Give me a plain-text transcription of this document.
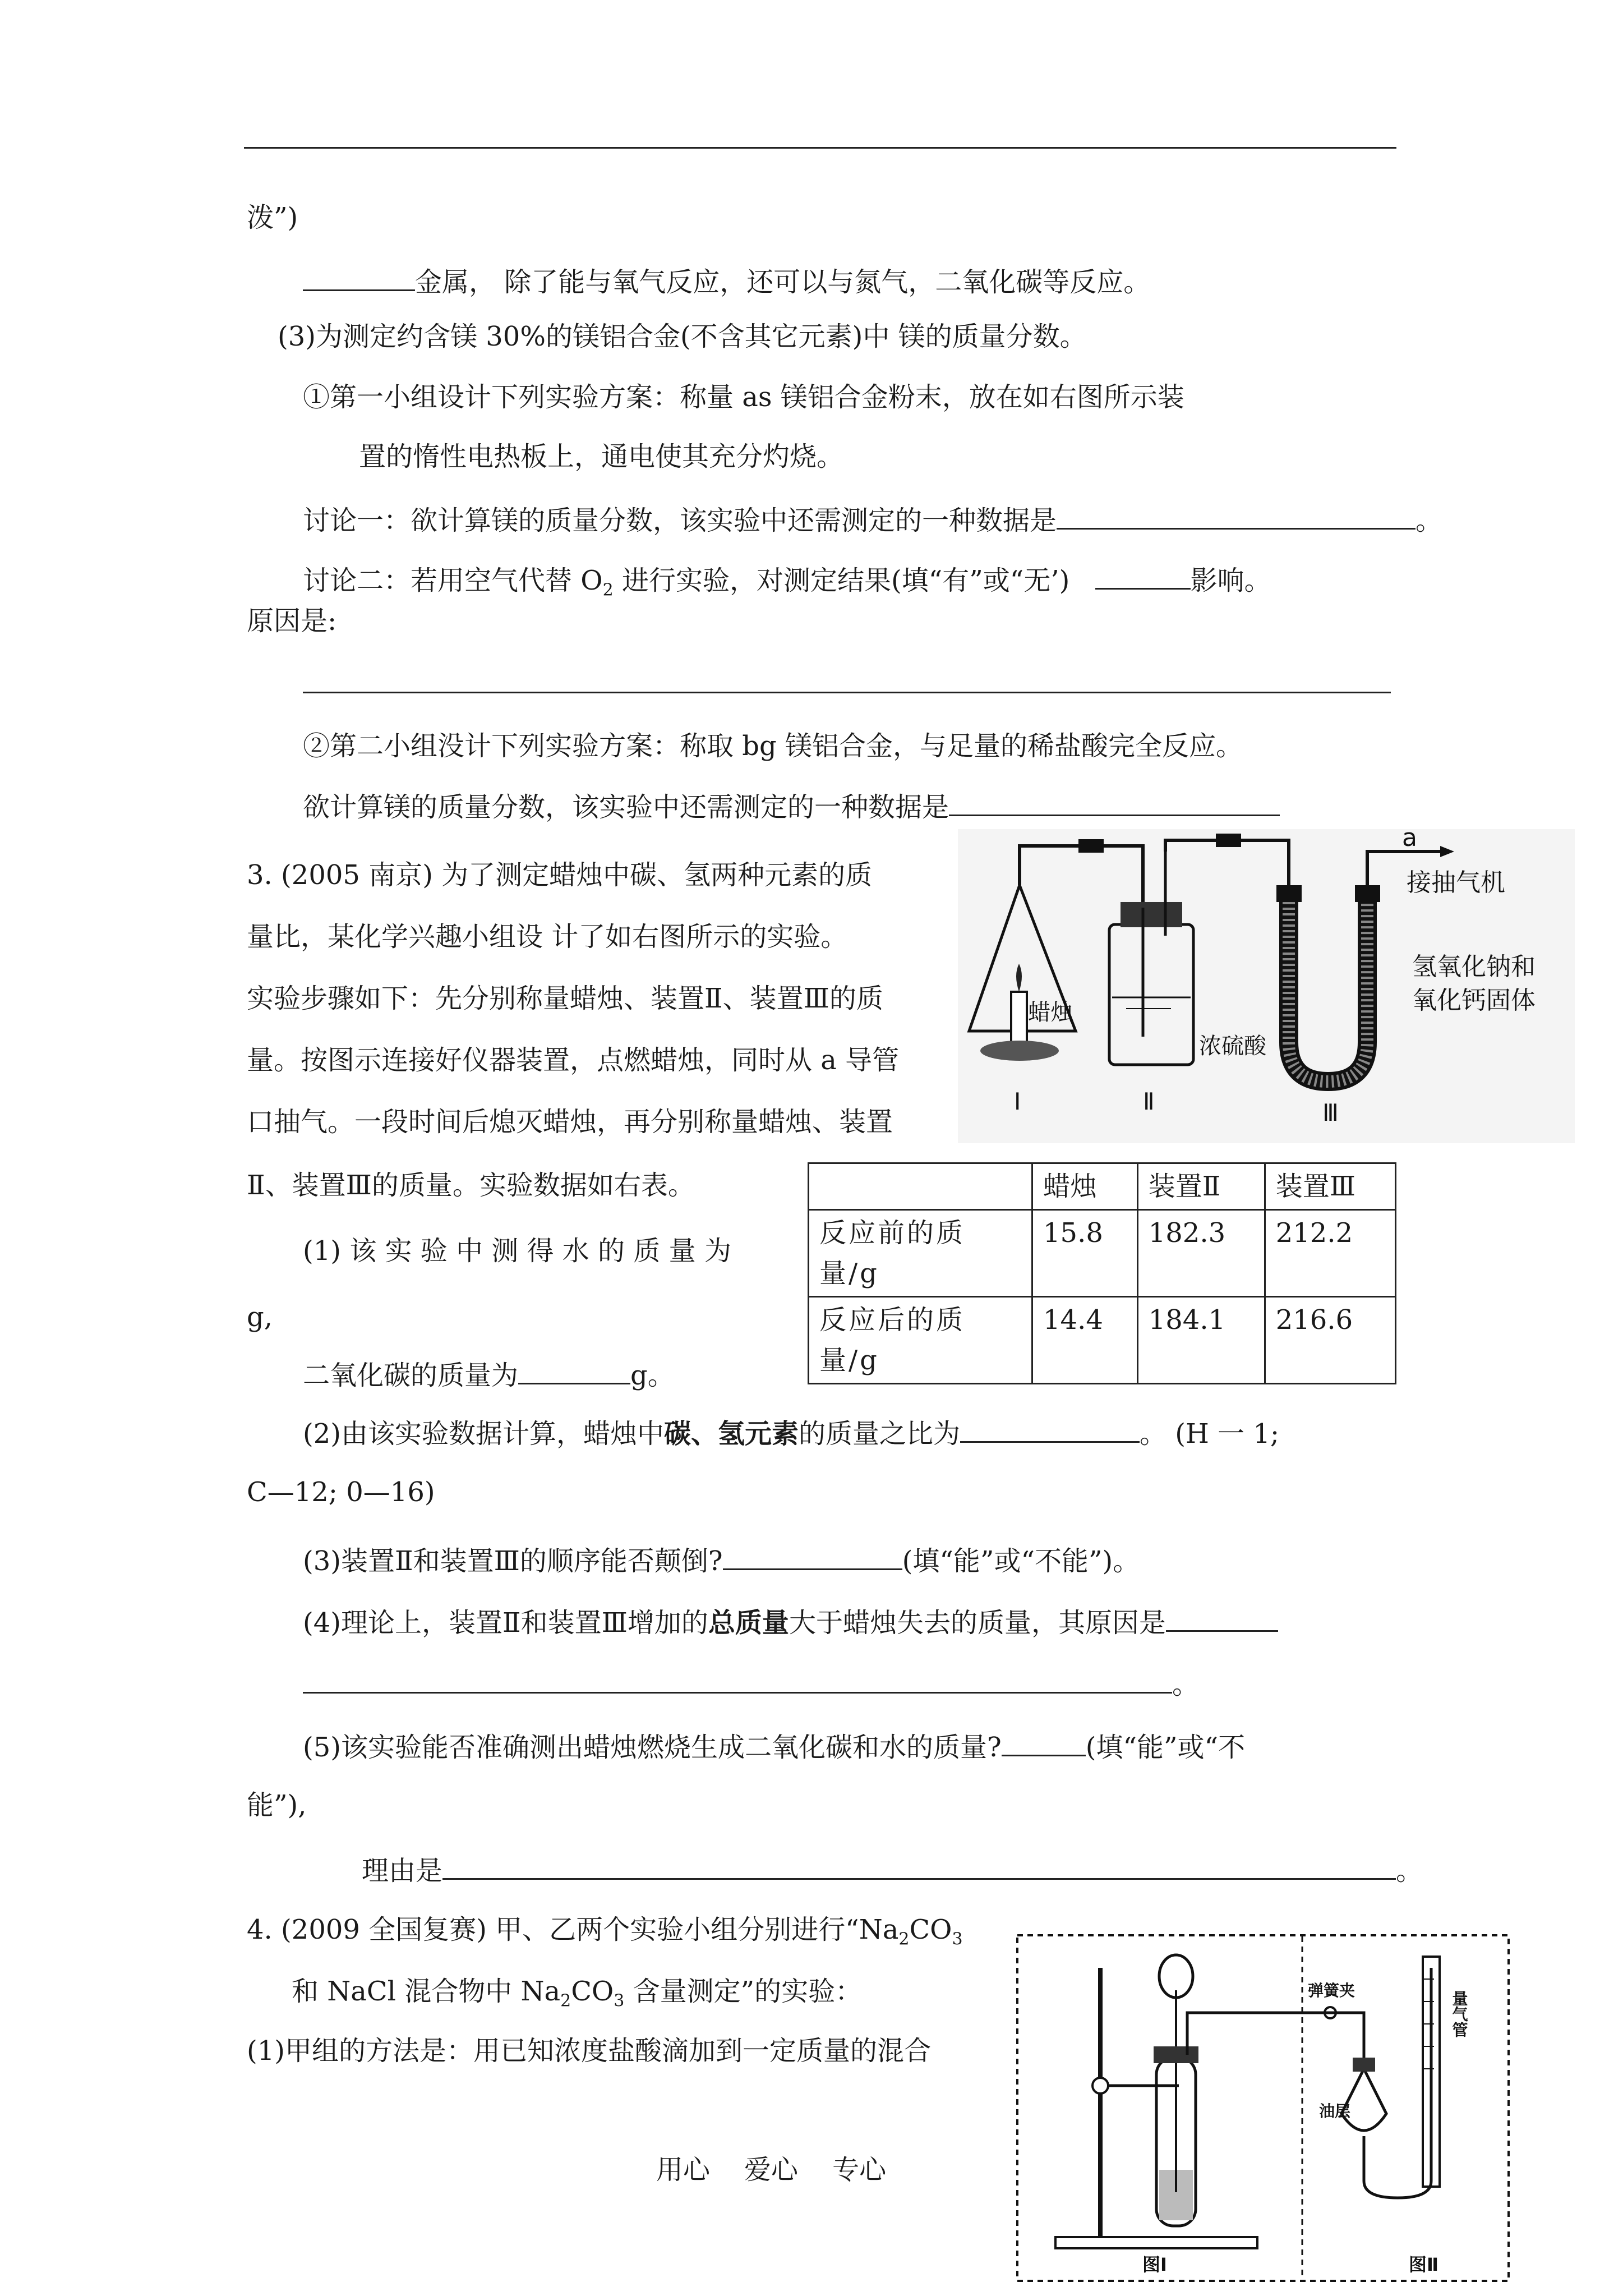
泼”)
金属， 除了能与氧气反应，还可以与氮气，二氧化碳等反应。
(3)为测定约含镁 30%的镁铝合金(不含其它元素)中 镁的质量分数。
①第一小组设计下列实验方案：称量 as 镁铝合金粉末，放在如右图所示装
置的惰性电热板上，通电使其充分灼烧。
讨论一：欲计算镁的质量分数，该实验中还需测定的一种数据是	。
讨论二：若用空气代替 $O_2$ 进行实验，对测定结果(填“有”或“无’)	影响。
原因是:
②第二小组没计下列实验方案：称取 bg 镁铝合金，与足量的稀盐酸完全反应。
欲计算镁的质量分数，该实验中还需测定的一种数据是
3. (2005 南京) 为了测定蜡烛中碳、氢两种元素的质
量比，某化学兴趣小组设 计了如右图所示的实验。
实验步骤如下：先分别称量蜡烛、装置Ⅱ、装置Ⅲ的质
量。按图示连接好仪器装置，点燃蜡烛，同时从 a 导管
口抽气。一段时间后熄灭蜡烛，再分别称量蜡烛、装置
Ⅱ、装置Ⅲ的质量。实验数据如右表。
(1) 该 实 验 中 测 得 水 的 质 量 为
g,
二氧化碳的质量为	g。
	蜡烛	装置Ⅱ	装置Ⅲ
反应前的质量/g	15.8	182.3	212.2
反应后的质量/g	14.4	184.1	216.6
(2)由该实验数据计算，蜡烛中碳、氢元素的质量之比为	。 (H 一 1;
C—12; 0—16)
(3)装置Ⅱ和装置Ⅲ的顺序能否颠倒?	(填“能”或“不能”)。
(4)理论上，装置Ⅱ和装置Ⅲ增加的总质量大于蜡烛失去的质量，其原因是
。
(5)该实验能否准确测出蜡烛燃烧生成二氧化碳和水的质量?	(填“能”或“不
能”),
理由是	。
4. (2009 全国复赛) 甲、乙两个实验小组分别进行“$Na_2CO_3$
和 NaCl 混合物中 $Na_2CO_3$ 含量测定”的实验：
(1)甲组的方法是：用已知浓度盐酸滴加到一定质量的混合
用心    爱心    专心
a
接抽气机
蜡烛
浓硫酸
氢氧化钠和
氧化钙固体
Ⅰ	Ⅱ	Ⅲ
弹簧夹	量气管
油层
图Ⅰ	图Ⅱ
